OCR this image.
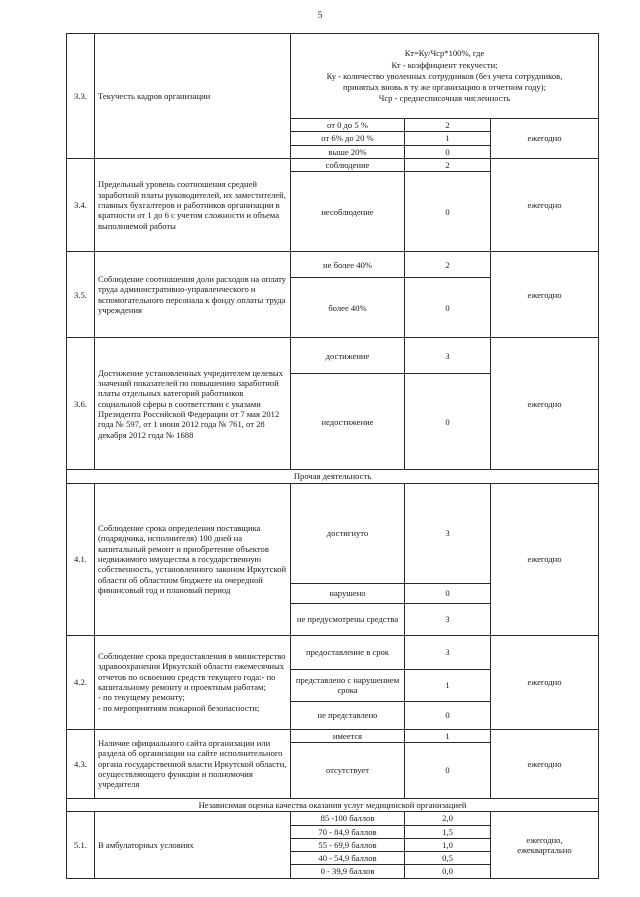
5
3.3.	Текучесть кадров организации	Кт=Ку/Чср*100%, где
Кт - коэффициент текучести;
Ку - количество уволенных сотрудников (без учета сотрудников,
принятых вновь в ту же организацию в отчетном году);
Чср - среднесписочная численность		

		от 0 до 5 %	2	ежегодно
		от 6% до 20 %	1	
		выше 20%	0	
3.4.	Предельный уровень соотношения средней заработной платы руководителей, их заместителей, главных бухгалтеров и работников организации в кратности от 1 до 6 с учетом сложности и объема выполняемой работы	соблюдение	2	ежегодно
		несоблюдение	0	
3.5.	Соблюдение соотношения доли расходов на оплату труда административно-управленческого и вспомогательного персонала к фонду оплаты труда учреждения	не более 40%	2	ежегодно
		более 40%	0	
3.6.	Достижение установленных учредителем целевых значений показателей по повышению заработной платы отдельных категорий работников социальной сферы в соответствии с указами Президента Российской Федерации от 7 мая 2012 года № 597, от 1 июня 2012 года № 761, от 28 декабря 2012 года № 1688	достижение	3	ежегодно
		недостижение	0	
Прочая деятельность				
4.1.	Соблюдение срока определения поставщика (подрядчика, исполнителя) 100 дней на капитальный ремонт и приобретение объектов недвижимого имущества в государственную собственность, установленного законом Иркутской области об областном бюджете на очередной финансовый год и плановый период	достигнуто	3	ежегодно
		нарушено	0	
		не предусмотрены средства	3	
4.2.	Соблюдение срока предоставления в министерство здравоохранения Иркутской области ежемесячных отчетов по освоению средств текущего года:- по капитальному ремонту и проектным работам;
- по текущему ремонту;
- по мероприятиям пожарной безопасности;	предоставление в срок	3	ежегодно
		представлено с нарушением срока	1	
		не представлено	0	
4.3.	Наличие официального сайта организации или раздела об организации на сайте исполнительного органа государственной власти Иркутской области, осуществляющего функции и полномочия учредителя	имеется	1	ежегодно
		отсутствует	0	
Независимая оценка качества оказания услуг медицинской организацией				
5.1.	В амбулаторных условиях	85 -100 баллов	2,0	ежегодно,
ежеквартально

		70 - 84,9 баллов	1,5	
		55 - 69,9 баллов	1,0	
		40 - 54,9 баллов	0,5	
		0 - 39,9 баллов	0,0	
